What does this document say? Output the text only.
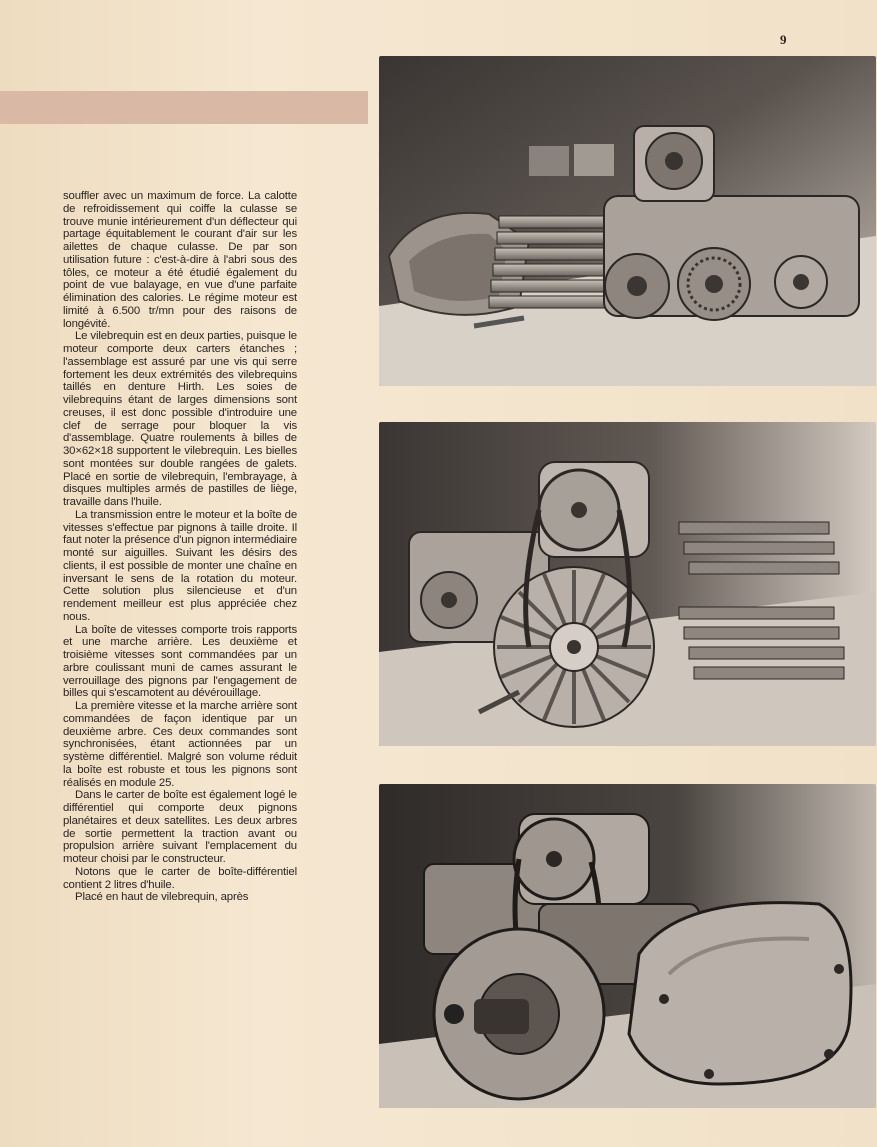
9

souffler avec un maximum de force. La calotte de refroidissement qui coiffe la culasse se trouve munie intérieurement d'un déflecteur qui partage équitablement le courant d'air sur les ailettes de chaque culasse. De par son utilisation future : c'est-à-dire à l'abri sous des tôles, ce moteur a été étudié également du point de vue balayage, en vue d'une parfaite élimination des calories. Le régime moteur est limité à 6.500 tr/mn pour des raisons de longévité.

Le vilebrequin est en deux parties, puisque le moteur comporte deux carters étanches ; l'assemblage est assuré par une vis qui serre fortement les deux extrémités des vilebrequins taillés en denture Hirth. Les soies de vilebrequins étant de larges dimensions sont creuses, il est donc possible d'introduire une clef de serrage pour bloquer la vis d'assemblage. Quatre roulements à billes de 30×62×18 supportent le vilebrequin. Les bielles sont montées sur double rangées de galets. Placé en sortie de vilebrequin, l'embrayage, à disques multiples armés de pastilles de liège, travaille dans l'huile.

La transmission entre le moteur et la boîte de vitesses s'effectue par pignons à taille droite. Il faut noter la présence d'un pignon intermédiaire monté sur aiguilles. Suivant les désirs des clients, il est possible de monter une chaîne en inversant le sens de la rotation du moteur. Cette solution plus silencieuse et d'un rendement meilleur est plus appréciée chez nous.

La boîte de vitesses comporte trois rapports et une marche arrière. Les deuxième et troisième vitesses sont commandées par un arbre coulissant muni de cames assurant le verrouillage des pignons par l'engagement de billes qui s'escamotent au dévérouillage.

La première vitesse et la marche arrière sont commandées de façon identique par un deuxième arbre. Ces deux commandes sont synchronisées, étant actionnées par un système différentiel. Malgré son volume réduit la boîte est robuste et tous les pignons sont réalisés en module 25.

Dans le carter de boîte est également logé le différentiel qui comporte deux pignons planétaires et deux satellites. Les deux arbres de sortie permettent la traction avant ou propulsion arrière suivant l'emplacement du moteur choisi par le constructeur.

Notons que le carter de boîte-différentiel contient 2 litres d'huile.

Placé en haut de vilebrequin, après
